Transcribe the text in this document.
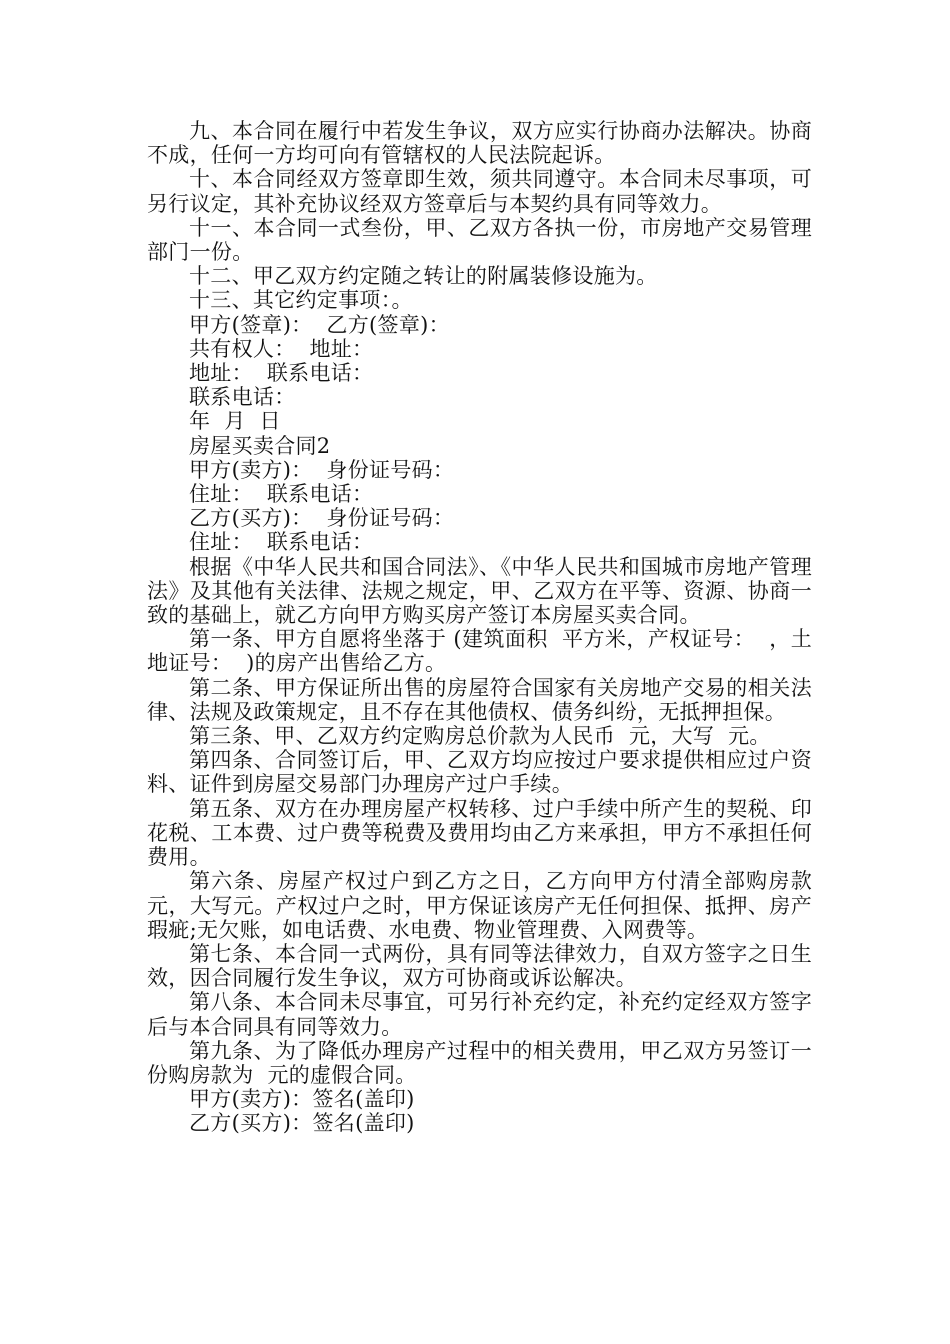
九、本合同在履行中若发生争议，双方应实行协商办法解决。协商不成，任何一方均可向有管辖权的人民法院起诉。

十、本合同经双方签章即生效，须共同遵守。本合同未尽事项，可另行议定，其补充协议经双方签章后与本契约具有同等效力。

十一、本合同一式叁份，甲、乙双方各执一份，市房地产交易管理部门一份。

十二、甲乙双方约定随之转让的附属装修设施为。

十三、其它约定事项：。

甲方(签章)：  乙方(签章)：

共有权人：  地址：

地址：  联系电话：

联系电话：

年  月  日

房屋买卖合同2

甲方(卖方)：  身份证号码：

住址：  联系电话：

乙方(买方)：  身份证号码：

住址：  联系电话：

根据《中华人民共和国合同法》、《中华人民共和国城市房地产管理法》及其他有关法律、法规之规定，甲、乙双方在平等、资源、协商一致的基础上，就乙方向甲方购买房产签订本房屋买卖合同。

第一条、甲方自愿将坐落于 (建筑面积  平方米，产权证号：  ，土地证号：  )的房产出售给乙方。

第二条、甲方保证所出售的房屋符合国家有关房地产交易的相关法律、法规及政策规定，且不存在其他债权、债务纠纷，无抵押担保。

第三条、甲、乙双方约定购房总价款为人民币  元，大写  元。

第四条、合同签订后，甲、乙双方均应按过户要求提供相应过户资料、证件到房屋交易部门办理房产过户手续。

第五条、双方在办理房屋产权转移、过户手续中所产生的契税、印花税、工本费、过户费等税费及费用均由乙方来承担，甲方不承担任何费用。

第六条、房屋产权过户到乙方之日，乙方向甲方付清全部购房款元，大写元。产权过户之时，甲方保证该房产无任何担保、抵押、房产瑕疵;无欠账，如电话费、水电费、物业管理费、入网费等。

第七条、本合同一式两份，具有同等法律效力，自双方签字之日生效，因合同履行发生争议，双方可协商或诉讼解决。

第八条、本合同未尽事宜，可另行补充约定，补充约定经双方签字后与本合同具有同等效力。

第九条、为了降低办理房产过程中的相关费用，甲乙双方另签订一份购房款为  元的虚假合同。

甲方(卖方)：签名(盖印)

乙方(买方)：签名(盖印)
